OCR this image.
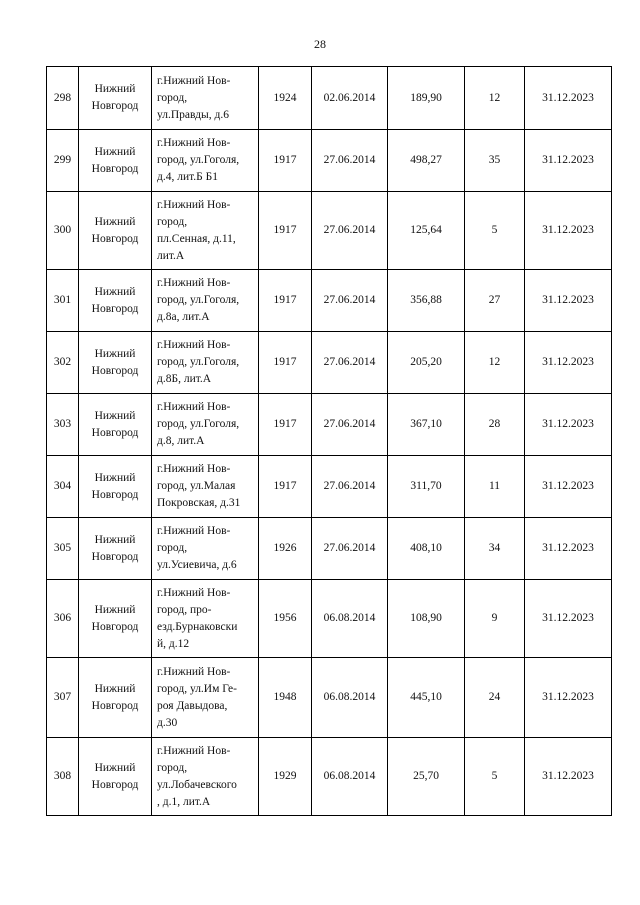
28
298	Нижний
Новгород	г.Нижний Нов-
город,
ул.Правды, д.6	1924	02.06.2014	189,90	12	31.12.2023
299	Нижний
Новгород	г.Нижний Нов-
город, ул.Гоголя,
д.4, лит.Б Б1	1917	27.06.2014	498,27	35	31.12.2023
300	Нижний
Новгород	г.Нижний Нов-
город,
пл.Сенная, д.11,
лит.А	1917	27.06.2014	125,64	5	31.12.2023
301	Нижний
Новгород	г.Нижний Нов-
город, ул.Гоголя,
д.8а, лит.А	1917	27.06.2014	356,88	27	31.12.2023
302	Нижний
Новгород	г.Нижний Нов-
город, ул.Гоголя,
д.8Б, лит.А	1917	27.06.2014	205,20	12	31.12.2023
303	Нижний
Новгород	г.Нижний Нов-
город, ул.Гоголя,
д.8, лит.А	1917	27.06.2014	367,10	28	31.12.2023
304	Нижний
Новгород	г.Нижний Нов-
город, ул.Малая
Покровская, д.31	1917	27.06.2014	311,70	11	31.12.2023
305	Нижний
Новгород	г.Нижний Нов-
город,
ул.Усиевича, д.6	1926	27.06.2014	408,10	34	31.12.2023
306	Нижний
Новгород	г.Нижний Нов-
город, про-
езд.Бурнаковски
й, д.12	1956	06.08.2014	108,90	9	31.12.2023
307	Нижний
Новгород	г.Нижний Нов-
город, ул.Им Ге-
роя Давыдова,
д.30	1948	06.08.2014	445,10	24	31.12.2023
308	Нижний
Новгород	г.Нижний Нов-
город,
ул.Лобачевского
, д.1, лит.А	1929	06.08.2014	25,70	5	31.12.2023
